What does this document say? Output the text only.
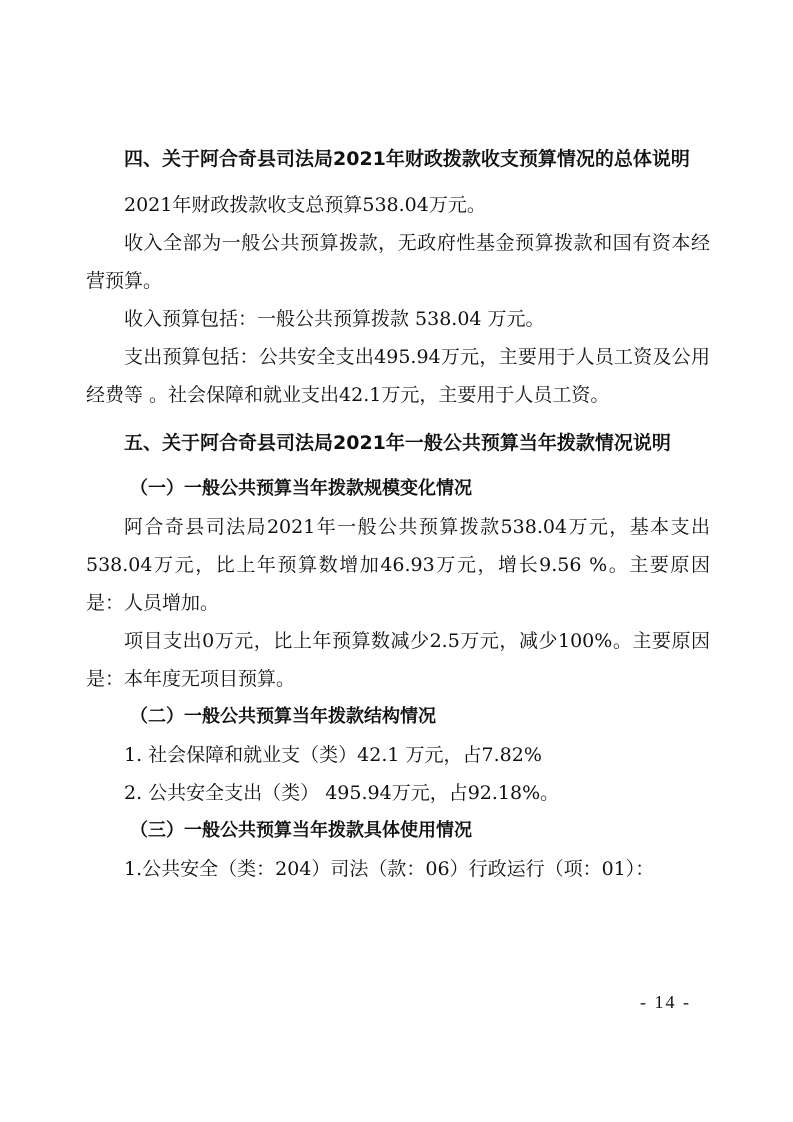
四、关于阿合奇县司法局2021年财政拨款收支预算情况的总体说明

2021年财政拨款收支总预算538.04万元。

收入全部为一般公共预算拨款，无政府性基金预算拨款和国有资本经营预算。

收入预算包括：一般公共预算拨款 538.04 万元。

支出预算包括：公共安全支出495.94万元，主要用于人员工资及公用经费等 。社会保障和就业支出42.1万元，主要用于人员工资。

五、关于阿合奇县司法局2021年一般公共预算当年拨款情况说明

（一）一般公共预算当年拨款规模变化情况

阿合奇县司法局2021年一般公共预算拨款538.04万元，基本支出538.04万元，比上年预算数增加46.93万元，增长9.56 %。主要原因是：人员增加。

项目支出0万元，比上年预算数减少2.5万元，减少100%。主要原因是：本年度无项目预算。

（二）一般公共预算当年拨款结构情况

1. 社会保障和就业支（类）42.1 万元，占7.82%

2. 公共安全支出（类） 495.94万元，占92.18%。

（三）一般公共预算当年拨款具体使用情况

1.公共安全（类：204）司法（款：06）行政运行（项：01）：

- 14 -
